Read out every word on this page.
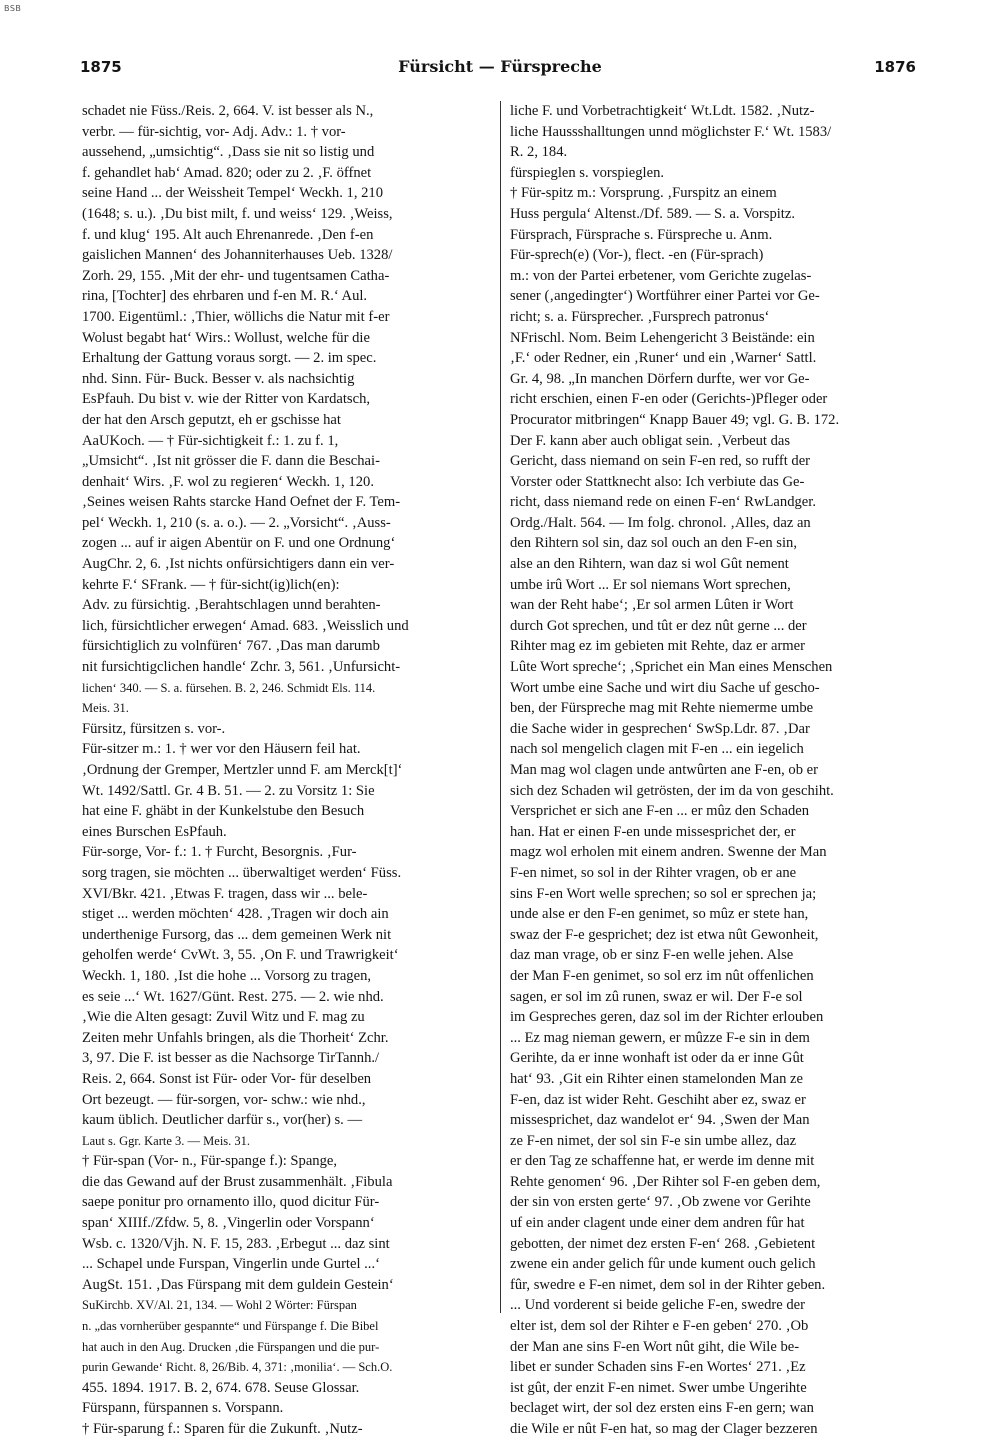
BSB
1875	Fürsicht — Fürspreche	1876
schadet nie Füss./Reis. 2, 664. V. ist besser als N.,
verbr. — für-sichtig, vor- Adj. Adv.: 1. † vor-
aussehend, „umsichtig“. ‚Dass sie nit so listig und
f. gehandlet hab‘ Amad. 820; oder zu 2. ‚F. öffnet
seine Hand ... der Weissheit Tempel‘ Weckh. 1, 210
(1648; s. u.). ‚Du bist milt, f. und weiss‘ 129. ‚Weiss,
f. und klug‘ 195. Alt auch Ehrenanrede. ‚Den f-en
gaislichen Mannen‘ des Johanniterhauses Ueb. 1328/
Zorh. 29, 155. ‚Mit der ehr- und tugentsamen Catha-
rina, [Tochter] des ehrbaren und f-en M. R.‘ Aul.
1700. Eigentüml.: ‚Thier, wöllichs die Natur mit f-er
Wolust begabt hat‘ Wirs.: Wollust, welche für die
Erhaltung der Gattung voraus sorgt. — 2. im spec.
nhd. Sinn. Für- Buck. Besser v. als nachsichtig
EsPfauh. Du bist v. wie der Ritter von Kardatsch,
der hat den Arsch geputzt, eh er gschisse hat
AaUKoch. — † Für-sichtigkeit f.: 1. zu f. 1,
„Umsicht“. ‚Ist nit grösser die F. dann die Beschai-
denhait‘ Wirs. ‚F. wol zu regieren‘ Weckh. 1, 120.
‚Seines weisen Rahts starcke Hand Oefnet der F. Tem-
pel‘ Weckh. 1, 210 (s. a. o.). — 2. „Vorsicht“. ‚Auss-
zogen ... auf ir aigen Abentür on F. und one Ordnung‘
AugChr. 2, 6. ‚Ist nichts onfürsichtigers dann ein ver-
kehrte F.‘ SFrank. — † für-sicht(ig)lich(en):
Adv. zu fürsichtig. ‚Berahtschlagen unnd berahten-
lich, fürsichtlicher erwegen‘ Amad. 683. ‚Weisslich und
fürsichtiglich zu volnfüren‘ 767. ‚Das man darumb
nit fursichtigclichen handle‘ Zchr. 3, 561. ‚Unfursicht-
lichen‘ 340. — S. a. fürsehen. B. 2, 246. Schmidt Els. 114.
Meis. 31.
Fürsitz, fürsitzen s. vor-.
Für-sitzer m.: 1. † wer vor den Häusern feil hat.
‚Ordnung der Gremper, Mertzler unnd F. am Merck[t]‘
Wt. 1492/Sattl. Gr. 4 B. 51. — 2. zu Vorsitz 1: Sie
hat eine F. ghäbt in der Kunkelstube den Besuch
eines Burschen EsPfauh.
Für-sorge, Vor- f.: 1. † Furcht, Besorgnis. ‚Fur-
sorg tragen, sie möchten ... überwaltiget werden‘ Füss.
XVI/Bkr. 421. ‚Etwas F. tragen, dass wir ... bele-
stiget ... werden möchten‘ 428. ‚Tragen wir doch ain
underthenige Fursorg, das ... dem gemeinen Werk nit
geholfen werde‘ CvWt. 3, 55. ‚On F. und Trawrigkeit‘
Weckh. 1, 180. ‚Ist die hohe ... Vorsorg zu tragen,
es seie ...‘ Wt. 1627/Günt. Rest. 275. — 2. wie nhd.
‚Wie die Alten gesagt: Zuvil Witz und F. mag zu
Zeiten mehr Unfahls bringen, als die Thorheit‘ Zchr.
3, 97. Die F. ist besser as die Nachsorge TirTannh./
Reis. 2, 664. Sonst ist Für- oder Vor- für deselben
Ort bezeugt. — für-sorgen, vor- schw.: wie nhd.,
kaum üblich. Deutlicher darfür s., vor(her) s. —
Laut s. Ggr. Karte 3. — Meis. 31.
† Für-span (Vor- n., Für-spange f.): Spange,
die das Gewand auf der Brust zusammenhält. ‚Fibula
saepe ponitur pro ornamento illo, quod dicitur Für-
span‘ XIIIf./Zfdw. 5, 8. ‚Vingerlin oder Vorspann‘
Wsb. c. 1320/Vjh. N. F. 15, 283. ‚Erbegut ... daz sint
... Schapel unde Furspan, Vingerlin unde Gurtel ...‘
AugSt. 151. ‚Das Fürspang mit dem guldein Gestein‘
SuKirchb. XV/Al. 21, 134. — Wohl 2 Wörter: Fürspan
n. „das vornherüber gespannte“ und Fürspange f. Die Bibel
hat auch in den Aug. Drucken ‚die Fürspangen und die pur-
purin Gewande‘ Richt. 8, 26/Bib. 4, 371: ‚monilia‘. — Sch.O.
455. 1894. 1917. B. 2, 674. 678. Seuse Glossar.
Fürspann, fürspannen s. Vorspann.
† Für-sparung f.: Sparen für die Zukunft. ‚Nutz-
liche F. und Vorbetrachtigkeit‘ Wt.Ldt. 1582. ‚Nutz-
liche Haussshalltungen unnd möglichster F.‘ Wt. 1583/
R. 2, 184.
fürspieglen s. vorspieglen.
† Für-spitz m.: Vorsprung. ‚Furspitz an einem
Huss pergula‘ Altenst./Df. 589. — S. a. Vorspitz.
Fürsprach, Fürsprache s. Fürspreche u. Anm.
Für-sprech(e) (Vor-), flect. -en (Für-sprach)
m.: von der Partei erbetener, vom Gerichte zugelas-
sener (‚angedingter‘) Wortführer einer Partei vor Ge-
richt; s. a. Fürsprecher. ‚Fursprech patronus‘
NFrischl. Nom. Beim Lehengericht 3 Beistände: ein
‚F.‘ oder Redner, ein ‚Runer‘ und ein ‚Warner‘ Sattl.
Gr. 4, 98. „In manchen Dörfern durfte, wer vor Ge-
richt erschien, einen F-en oder (Gerichts-)Pfleger oder
Procurator mitbringen“ Knapp Bauer 49; vgl. G. B. 172.
Der F. kann aber auch obligat sein. ‚Verbeut das
Gericht, dass niemand on sein F-en red, so rufft der
Vorster oder Stattknecht also: Ich verbiute das Ge-
richt, dass niemand rede on einen F-en‘ RwLandger.
Ordg./Halt. 564. — Im folg. chronol. ‚Alles, daz an
den Rihtern sol sin, daz sol ouch an den F-en sin,
alse an den Rihtern, wan daz si wol Gût nement
umbe irû Wort ... Er sol niemans Wort sprechen,
wan der Reht habe‘; ‚Er sol armen Lûten ir Wort
durch Got sprechen, und tût er dez nût gerne ... der
Rihter mag ez im gebieten mit Rehte, daz er armer
Lûte Wort spreche‘; ‚Sprichet ein Man eines Menschen
Wort umbe eine Sache und wirt diu Sache uf gescho-
ben, der Fürspreche mag mit Rehte niemerme umbe
die Sache wider in gesprechen‘ SwSp.Ldr. 87. ‚Dar
nach sol mengelich clagen mit F-en ... ein iegelich
Man mag wol clagen unde antwûrten ane F-en, ob er
sich dez Schaden wil getrösten, der im da von geschiht.
Versprichet er sich ane F-en ... er mûz den Schaden
han. Hat er einen F-en unde missesprichet der, er
magz wol erholen mit einem andren. Swenne der Man
F-en nimet, so sol in der Rihter vragen, ob er ane
sins F-en Wort welle sprechen; so sol er sprechen ja;
unde alse er den F-en genimet, so mûz er stete han,
swaz der F-e gesprichet; dez ist etwa nût Gewonheit,
daz man vrage, ob er sinz F-en welle jehen. Alse
der Man F-en genimet, so sol erz im nût offenlichen
sagen, er sol im zû runen, swaz er wil. Der F-e sol
im Gespreches geren, daz sol im der Richter erlouben
... Ez mag nieman gewern, er mûzze F-e sin in dem
Gerihte, da er inne wonhaft ist oder da er inne Gût
hat‘ 93. ‚Git ein Rihter einen stamelonden Man ze
F-en, daz ist wider Reht. Geschiht aber ez, swaz er
missesprichet, daz wandelot er‘ 94. ‚Swen der Man
ze F-en nimet, der sol sin F-e sin umbe allez, daz
er den Tag ze schaffenne hat, er werde im denne mit
Rehte genomen‘ 96. ‚Der Rihter sol F-en geben dem,
der sin von ersten gerte‘ 97. ‚Ob zwene vor Gerihte
uf ein ander clagent unde einer dem andren fûr hat
gebotten, der nimet dez ersten F-en‘ 268. ‚Gebietent
zwene ein ander gelich fûr unde kument ouch gelich
fûr, swedre e F-en nimet, dem sol in der Rihter geben.
... Und vorderent si beide geliche F-en, swedre der
elter ist, dem sol der Rihter e F-en geben‘ 270. ‚Ob
der Man ane sins F-en Wort nût giht, die Wile be-
libet er sunder Schaden sins F-en Wortes‘ 271. ‚Ez
ist gût, der enzit F-en nimet. Swer umbe Ungerihte
beclaget wirt, der sol dez ersten eins F-en gern; wan
die Wile er nût F-en hat, so mag der Clager bezzeren
